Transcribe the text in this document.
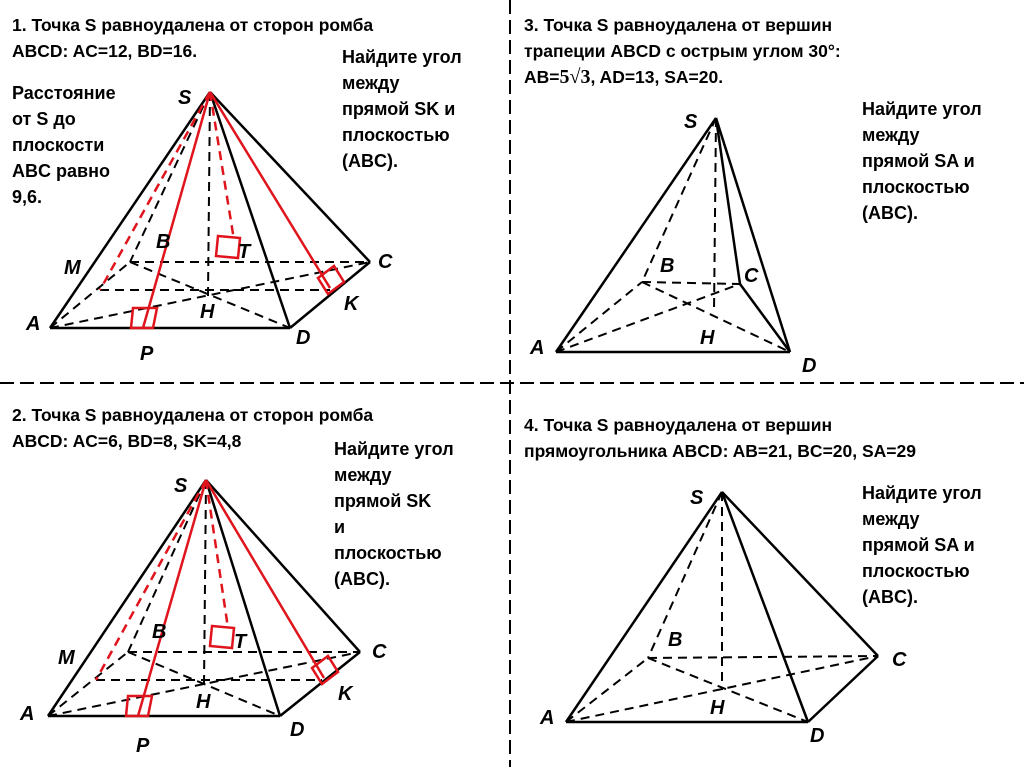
1. Точка S равноудалена от сторон ромба
ABCD: AC=12, BD=16.	Найдите угол
между
прямой SK и
плоскостью
(ABC).
Расстояние
от S до
плоскости
ABC равно
9,6.
S
B	T
M	C
A
H	K
D
P
2. Точка S равноудалена от сторон ромба
ABCD: AC=6, BD=8, SK=4,8	Найдите угол
между
прямой SK
и
плоскостью
(ABC).
S
B	T
M	C
A
H	K
D
P
3. Точка S равноудалена от вершин
трапеции ABCD с острым углом 30°:
AB=5√3, AD=13, SA=20.
Найдите угол
между
прямой SA и
плоскостью
(ABC).
S
B	C
A	H
D
4. Точка S равноудалена от вершин
прямоугольника ABCD: AB=21, BC=20, SA=29
Найдите угол
между
прямой SA и
плоскостью
(ABC).
S
B
C
A	H
D
